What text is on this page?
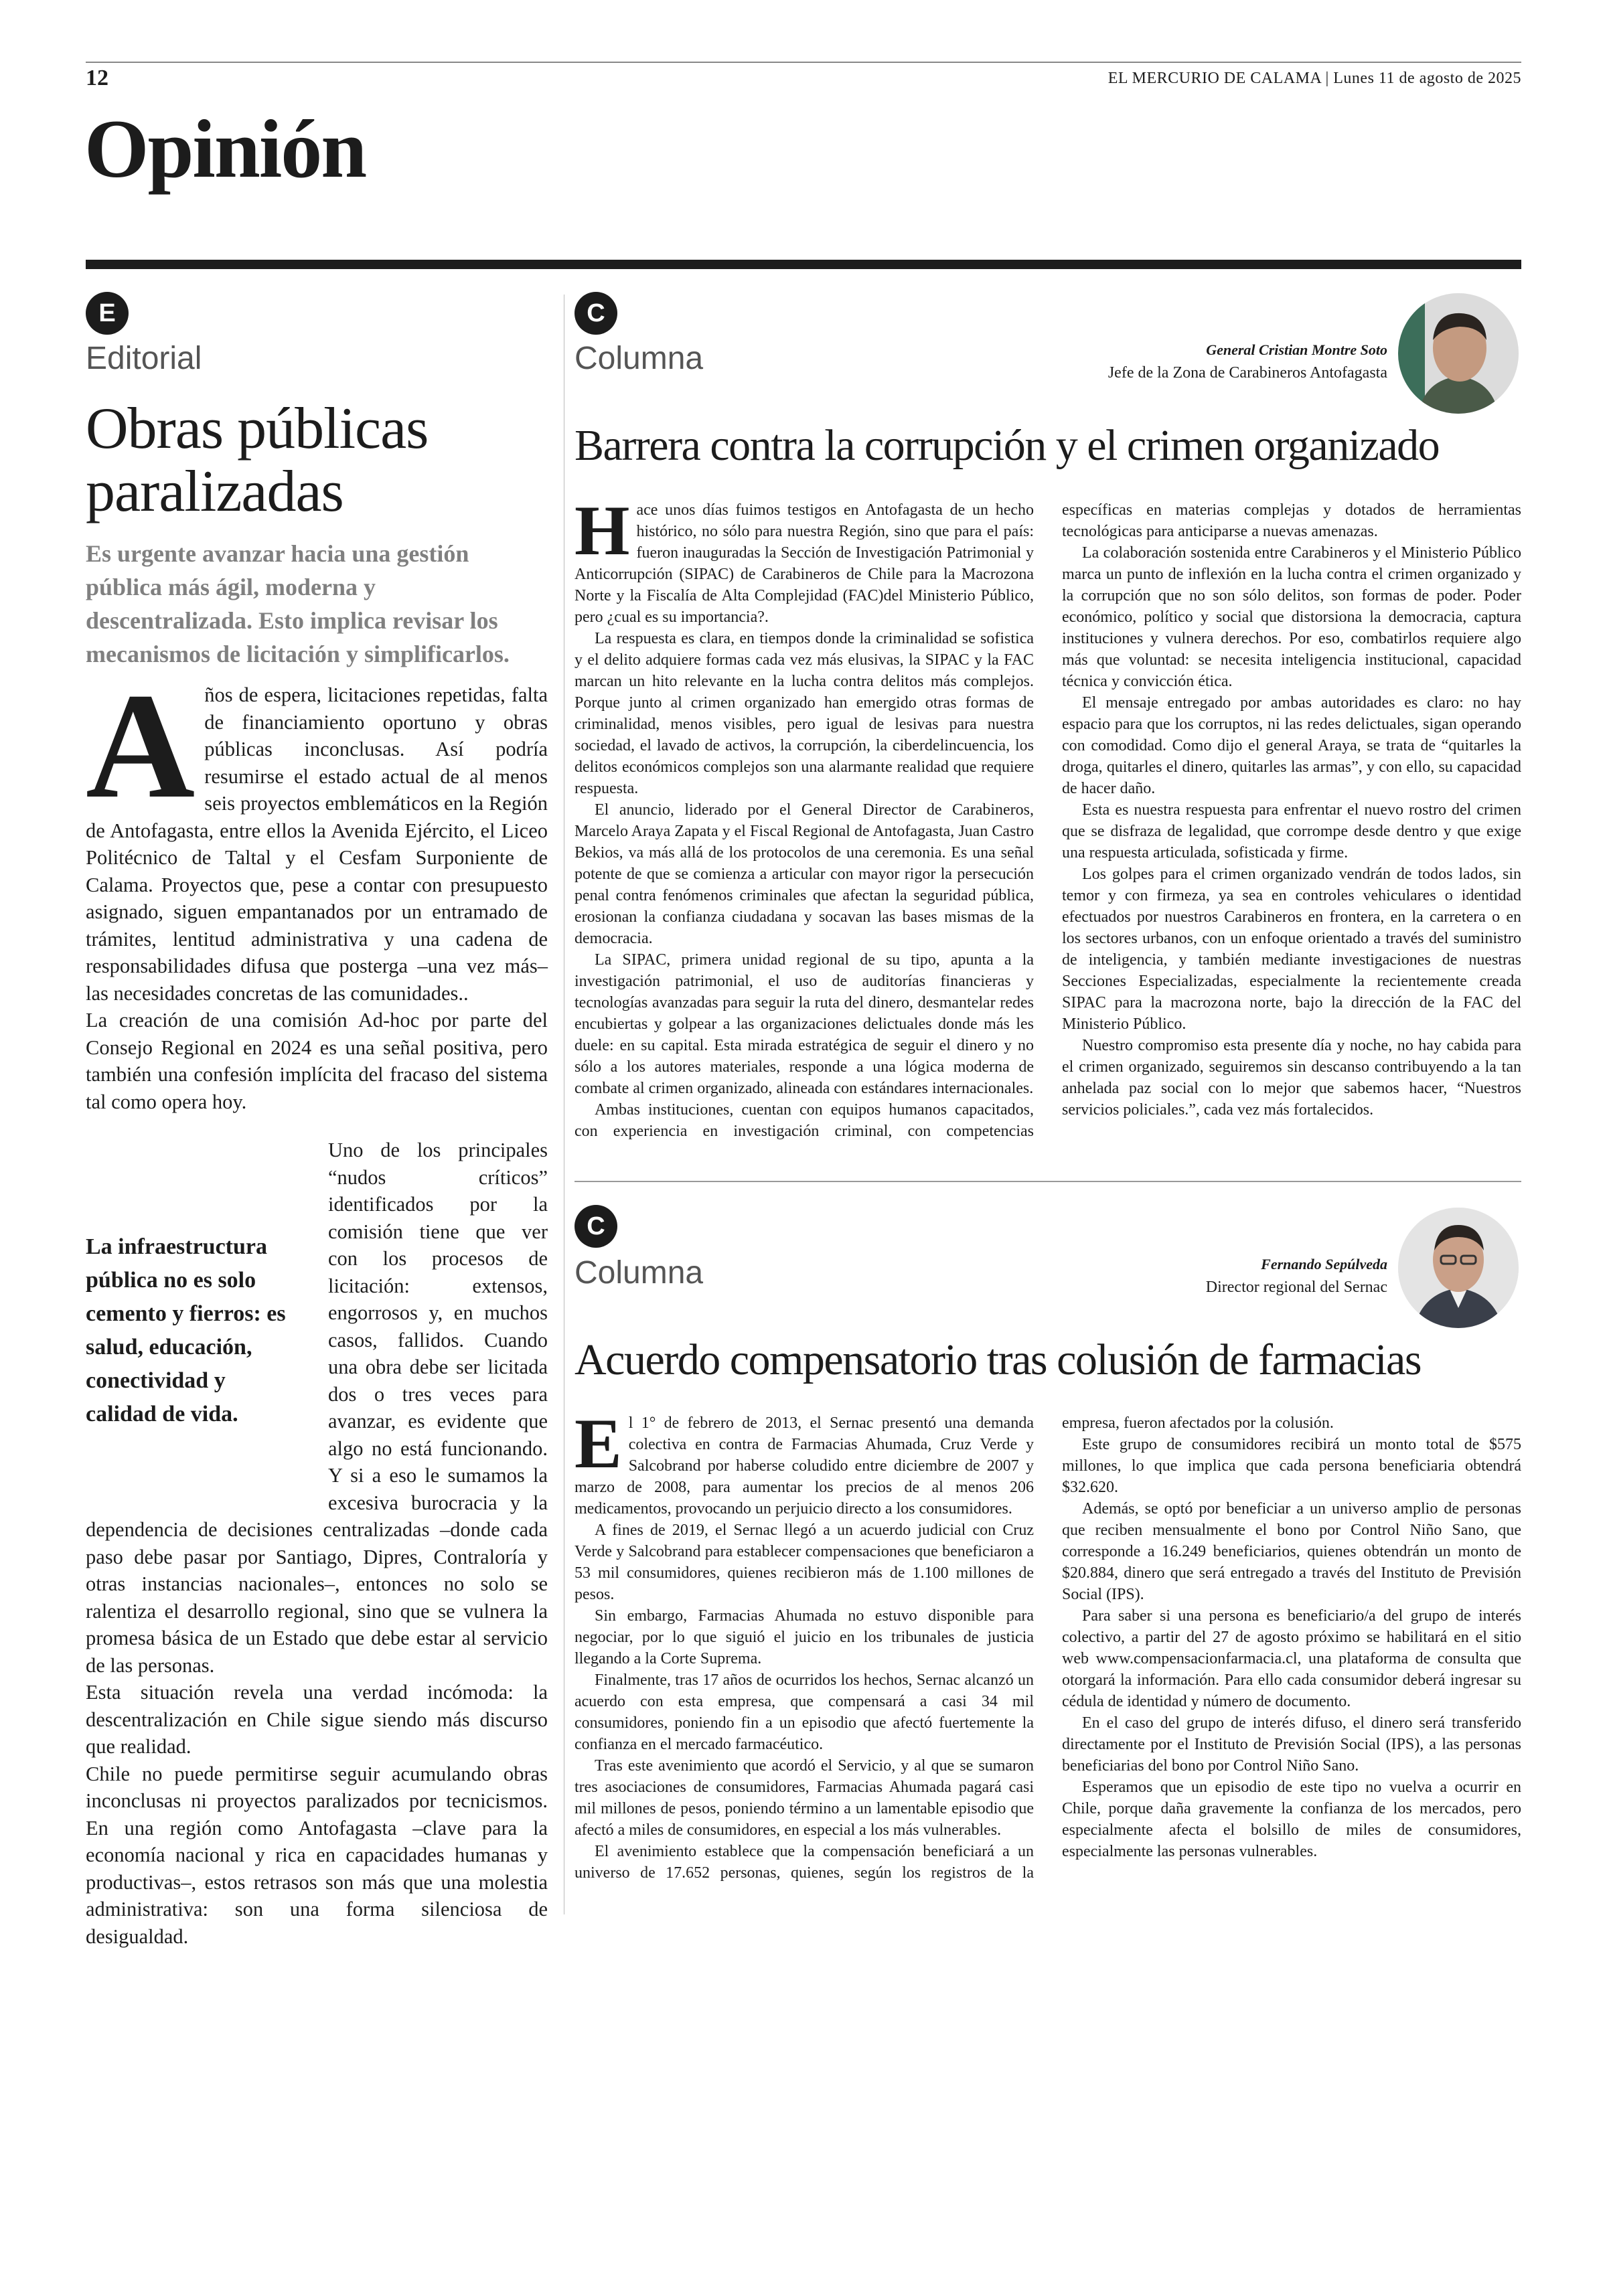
12	EL MERCURIO DE CALAMA | Lunes 11 de agosto de 2025
Opinión
E
Editorial
Obras públicas paralizadas
Es urgente avanzar hacia una gestión pública más ágil, moderna y descentralizada. Esto implica revisar los mecanismos de licitación y simplificarlos.
A ños de espera, licitaciones repetidas, falta de financiamiento oportuno y obras públicas inconclusas. Así podría resumirse el estado actual de al menos seis proyectos emblemáticos en la Región de Antofagasta, entre ellos la Avenida Ejército, el Liceo Politécnico de Taltal y el Cesfam Surponiente de Calama. Proyectos que, pese a contar con presupuesto asignado, siguen empantanados por un entramado de trámites, lentitud administrativa y una cadena de responsabilidades difusa que posterga –una vez más– las necesidades concretas de las comunidades..

La creación de una comisión Ad-hoc por parte del Consejo Regional en 2024 es una señal positiva, pero también una confesión implícita del fracaso del sistema tal como opera hoy.

La infraestructura pública no es solo cemento y fierros: es salud, educación, conectividad y calidad de vida.

Uno de los principales “nudos críticos” identificados por la comisión tiene que ver con los procesos de licitación: extensos, engorrosos y, en muchos casos, fallidos. Cuando una obra debe ser licitada dos o tres veces para avanzar, es evidente que algo no está funcionando. Y si a eso le sumamos la excesiva burocracia y la dependencia de decisiones centralizadas –donde cada paso debe pasar por Santiago, Dipres, Contraloría y otras instancias nacionales–, entonces no solo se ralentiza el desarrollo regional, sino que se vulnera la promesa básica de un Estado que debe estar al servicio de las personas.

Esta situación revela una verdad incómoda: la descentralización en Chile sigue siendo más discurso que realidad.

Chile no puede permitirse seguir acumulando obras inconclusas ni proyectos paralizados por tecnicismos. En una región como Antofagasta –clave para la economía nacional y rica en capacidades humanas y productivas–, estos retrasos son más que una molestia administrativa: son una forma silenciosa de desigualdad.

C
Columna	General Cristian Montre Soto
Jefe de la Zona de Carabineros Antofagasta
Barrera contra la corrupción y el crimen organizado

Hace unos días fuimos testigos en Antofagasta de un hecho histórico, no sólo para nuestra Región, sino que para el país: fueron inauguradas la Sección de Investigación Patrimonial y Anticorrupción (SIPAC) de Carabineros de Chile para la Macrozona Norte y la Fiscalía de Alta Complejidad (FAC)del Ministerio Público, pero ¿cual es su importancia?.

La respuesta es clara, en tiempos donde la criminalidad se sofistica y el delito adquiere formas cada vez más elusivas, la SIPAC y la FAC marcan un hito relevante en la lucha contra delitos más complejos. Porque junto al crimen organizado han emergido otras formas de criminalidad, menos visibles, pero igual de lesivas para nuestra sociedad, el lavado de activos, la corrupción, la ciberdelincuencia, los delitos económicos complejos son una alarmante realidad que requiere respuesta.

El anuncio, liderado por el General Director de Carabineros, Marcelo Araya Zapata y el Fiscal Regional de Antofagasta, Juan Castro Bekios, va más allá de los protocolos de una ceremonia. Es una señal potente de que se comienza a articular con mayor rigor la persecución penal contra fenómenos criminales que afectan la seguridad pública, erosionan la confianza ciudadana y socavan las bases mismas de la democracia.

La SIPAC, primera unidad regional de su tipo, apunta a la investigación patrimonial, el uso de auditorías financieras y tecnologías avanzadas para seguir la ruta del dinero, desmantelar redes encubiertas y golpear a las organizaciones delictuales donde más les duele: en su capital. Esta mirada estratégica de seguir el dinero y no sólo a los autores materiales, responde a una lógica moderna de combate al crimen organizado, alineada con estándares internacionales.

Ambas instituciones, cuentan con equipos humanos capacitados, con experiencia en investigación criminal, con competencias específicas en materias complejas y dotados de herramientas tecnológicas para anticiparse a nuevas amenazas.

La colaboración sostenida entre Carabineros y el Ministerio Público marca un punto de inflexión en la lucha contra el crimen organizado y la corrupción que no son sólo delitos, son formas de poder. Poder económico, político y social que distorsiona la democracia, captura instituciones y vulnera derechos. Por eso, combatirlos requiere algo más que voluntad: se necesita inteligencia institucional, capacidad técnica y convicción ética.

El mensaje entregado por ambas autoridades es claro: no hay espacio para que los corruptos, ni las redes delictuales, sigan operando con comodidad. Como dijo el general Araya, se trata de “quitarles la droga, quitarles el dinero, quitarles las armas”, y con ello, su capacidad de hacer daño.

Esta es nuestra respuesta para enfrentar el nuevo rostro del crimen que se disfraza de legalidad, que corrompe desde dentro y que exige una respuesta articulada, sofisticada y firme.

Los golpes para el crimen organizado vendrán de todos lados, sin temor y con firmeza, ya sea en controles vehiculares o identidad efectuados por nuestros Carabineros en frontera, en la carretera o en los sectores urbanos, con un enfoque orientado a través del suministro de inteligencia, y también mediante investigaciones de nuestras Secciones Especializadas, especialmente la recientemente creada SIPAC para la macrozona norte, bajo la dirección de la FAC del Ministerio Público.

Nuestro compromiso esta presente día y noche, no hay cabida para el crimen organizado, seguiremos sin descanso contribuyendo a la tan anhelada paz social con lo mejor que sabemos hacer, “Nuestros servicios policiales.”, cada vez más fortalecidos.

C
Columna	Fernando Sepúlveda
Director regional del Sernac
Acuerdo compensatorio tras colusión de farmacias

El 1° de febrero de 2013, el Sernac presentó una demanda colectiva en contra de Farmacias Ahumada, Cruz Verde y Salcobrand por haberse coludido entre diciembre de 2007 y marzo de 2008, para aumentar los precios de al menos 206 medicamentos, provocando un perjuicio directo a los consumidores.

A fines de 2019, el Sernac llegó a un acuerdo judicial con Cruz Verde y Salcobrand para establecer compensaciones que beneficiaron a 53 mil consumidores, quienes recibieron más de 1.100 millones de pesos.

Sin embargo, Farmacias Ahumada no estuvo disponible para negociar, por lo que siguió el juicio en los tribunales de justicia llegando a la Corte Suprema.

Finalmente, tras 17 años de ocurridos los hechos, Sernac alcanzó un acuerdo con esta empresa, que compensará a casi 34 mil consumidores, poniendo fin a un episodio que afectó fuertemente la confianza en el mercado farmacéutico.

Tras este avenimiento que acordó el Servicio, y al que se sumaron tres asociaciones de consumidores, Farmacias Ahumada pagará casi mil millones de pesos, poniendo término a un lamentable episodio que afectó a miles de consumidores, en especial a los más vulnerables.

El avenimiento establece que la compensación beneficiará a un universo de 17.652 personas, quienes, según los registros de la empresa, fueron afectados por la colusión.

Este grupo de consumidores recibirá un monto total de $575 millones, lo que implica que cada persona beneficiaria obtendrá $32.620.

Además, se optó por beneficiar a un universo amplio de personas que reciben mensualmente el bono por Control Niño Sano, que corresponde a 16.249 beneficiarios, quienes obtendrán un monto de $20.884, dinero que será entregado a través del Instituto de Previsión Social (IPS).

Para saber si una persona es beneficiario/a del grupo de interés colectivo, a partir del 27 de agosto próximo se habilitará en el sitio web www.compensacionfarmacia.cl, una plataforma de consulta que otorgará la información. Para ello cada consumidor deberá ingresar su cédula de identidad y número de documento.

En el caso del grupo de interés difuso, el dinero será transferido directamente por el Instituto de Previsión Social (IPS), a las personas beneficiarias del bono por Control Niño Sano.

Esperamos que un episodio de este tipo no vuelva a ocurrir en Chile, porque daña gravemente la confianza de los mercados, pero especialmente afecta el bolsillo de miles de consumidores, especialmente las personas vulnerables.
